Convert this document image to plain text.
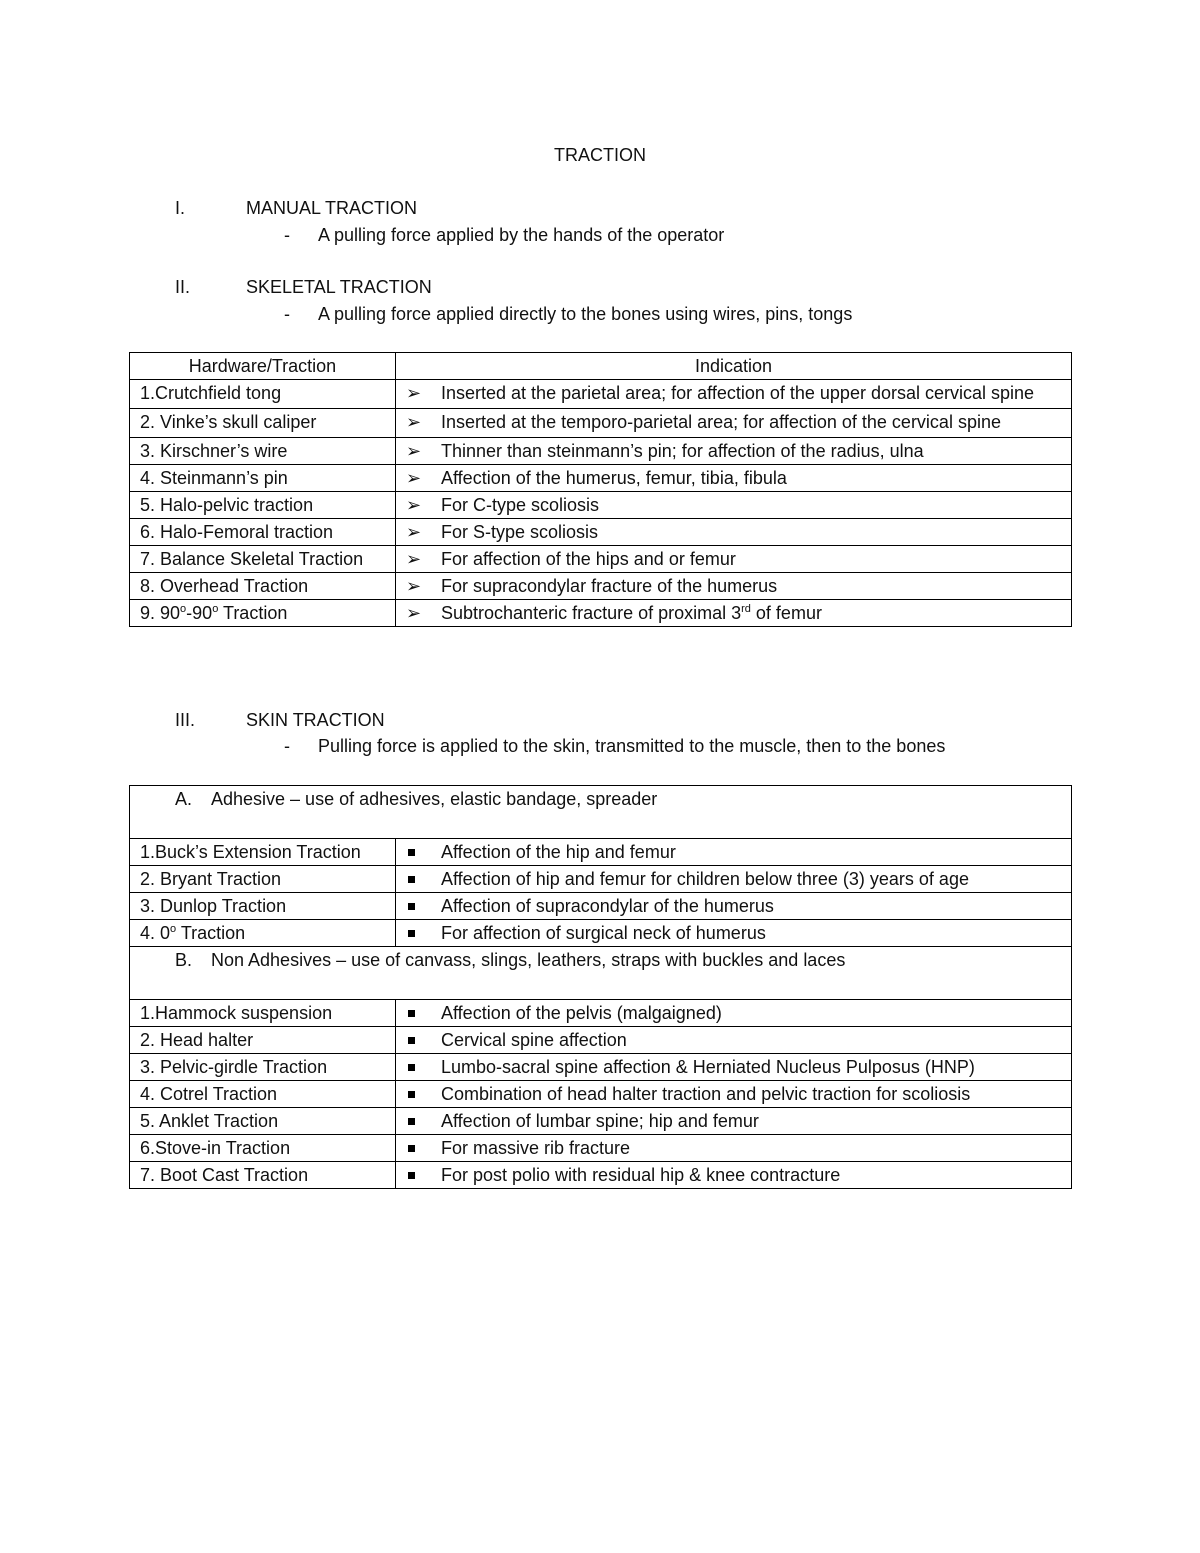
TRACTION
I.	MANUAL TRACTION
- A pulling force applied by the hands of the operator
II.	SKELETAL TRACTION
- A pulling force applied directly to the bones using wires, pins, tongs
Hardware/Traction	Indication
1.Crutchfield tong	➢ Inserted at the parietal area; for affection of the upper dorsal cervical spine
2. Vinke’s skull caliper	➢ Inserted at the temporo-parietal area; for affection of the cervical spine
3. Kirschner’s wire	➢ Thinner than steinmann’s pin; for affection of the radius, ulna
4. Steinmann’s pin	➢ Affection of the humerus, femur, tibia, fibula
5. Halo-pelvic traction	➢ For C-type scoliosis
6. Halo-Femoral traction	➢ For S-type scoliosis
7. Balance Skeletal Traction	➢ For affection of the hips and or femur
8. Overhead Traction	➢ For supracondylar fracture of the humerus
9. 90$^o$-90$^o$ Traction	➢ Subtrochanteric fracture of proximal 3rd of femur
III.	SKIN TRACTION
- Pulling force is applied to the skin, transmitted to the muscle, then to the bones
A. Adhesive – use of adhesives, elastic bandage, spreader	
1.Buck’s Extension Traction	Affection of the hip and femur
2. Bryant Traction	Affection of hip and femur for children below three (3) years of age
3. Dunlop Traction	Affection of supracondylar of the humerus
4. 0$^o$ Traction	For affection of surgical neck of humerus
B. Non Adhesives – use of canvass, slings, leathers, straps with buckles and laces	
1.Hammock suspension	Affection of the pelvis (malgaigned)
2. Head halter	Cervical spine affection
3. Pelvic-girdle Traction	Lumbo-sacral spine affection & Herniated Nucleus Pulposus (HNP)
4. Cotrel Traction	Combination of head halter traction and pelvic traction for scoliosis
5. Anklet Traction	Affection of lumbar spine; hip and femur
6.Stove-in Traction	For massive rib fracture
7. Boot Cast Traction	For post polio with residual hip & knee contracture
